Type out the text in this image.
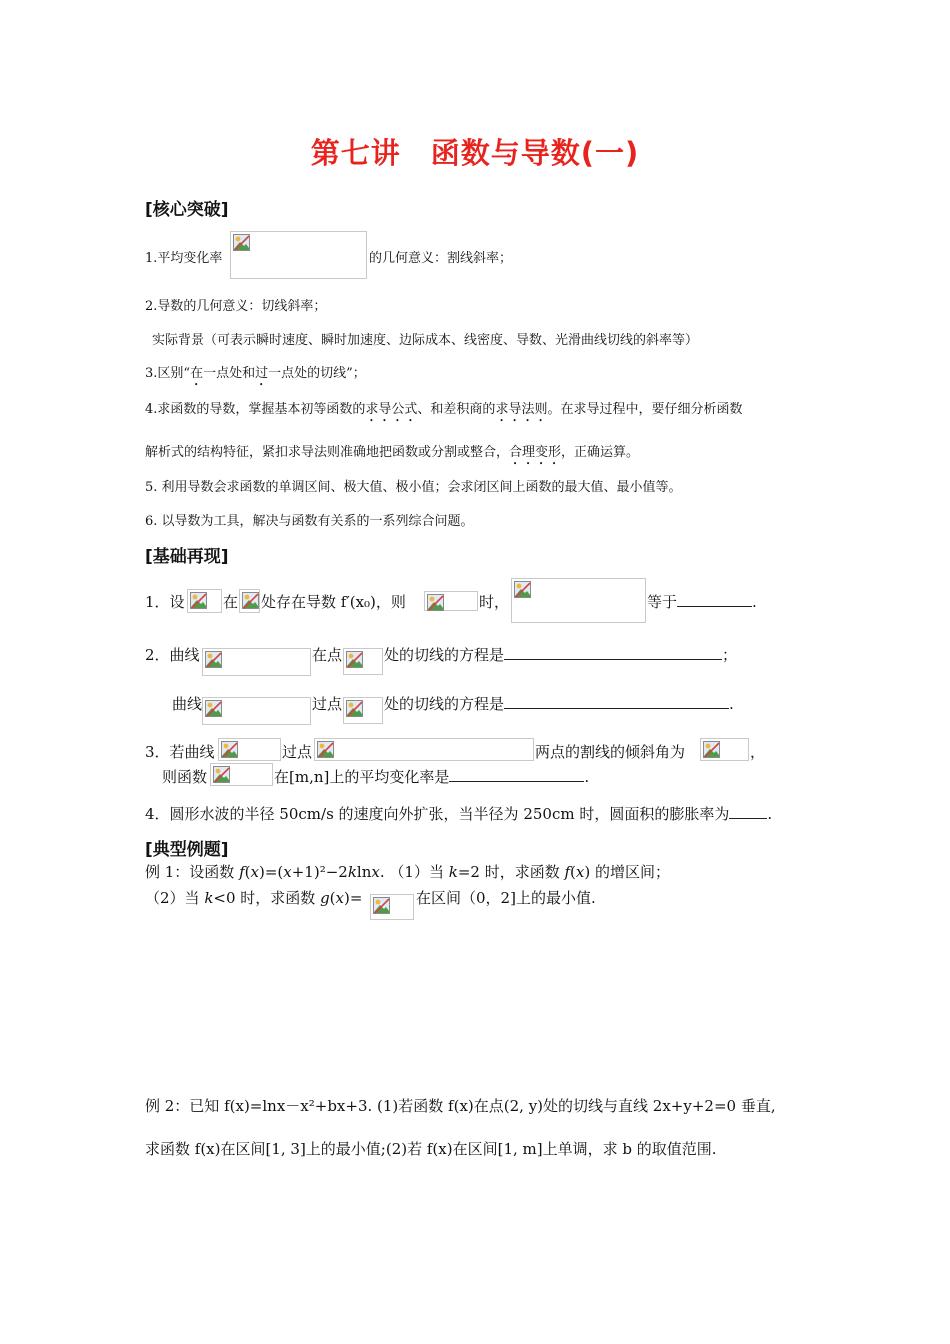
第七讲　函数与导数(一)
[核心突破]
1.平均变化率	的几何意义：割线斜率；
2.导数的几何意义：切线斜率；
实际背景（可表示瞬时速度、瞬时加速度、边际成本、线密度、导数、光滑曲线切线的斜率等）
3.区别“在一点处和过一点处的切线”；
4.求函数的导数，掌握基本初等函数的求导公式、和差积商的求导法则。在求导过程中，要仔细分析函数
解析式的结构特征，紧扣求导法则准确地把函数或分割或整合，合理变形，正确运算。
5. 利用导数会求函数的单调区间、极大值、极小值；会求闭区间上函数的最大值、最小值等。
6. 以导数为工具，解决与函数有关系的一系列综合问题。
[基础再现]
1．设	在 处存在导数 f′(x₀)，则	时，	等于	.
2．曲线	在点	处的切线的方程是	；
曲线	过点	处的切线的方程是	.
3．若曲线	过点	两点的割线的倾斜角为	，
则函数	在[m,n]上的平均变化率是	.
4．圆形水波的半径 50cm/s 的速度向外扩张，当半径为 250cm 时，圆面积的膨胀率为	.
[典型例题]
例 1：设函数 f(x)=(x+1)²−2klnx. （1）当 k=2 时，求函数 f(x) 的增区间；
（2）当 k<0 时，求函数 g(x)=	在区间（0，2]上的最小值.
例 2：已知 f(x)=lnx－x²+bx+3. (1)若函数 f(x)在点(2, y)处的切线与直线 2x+y+2=0 垂直,
求函数 f(x)在区间[1, 3]上的最小值;(2)若 f(x)在区间[1, m]上单调，求 b 的取值范围.
